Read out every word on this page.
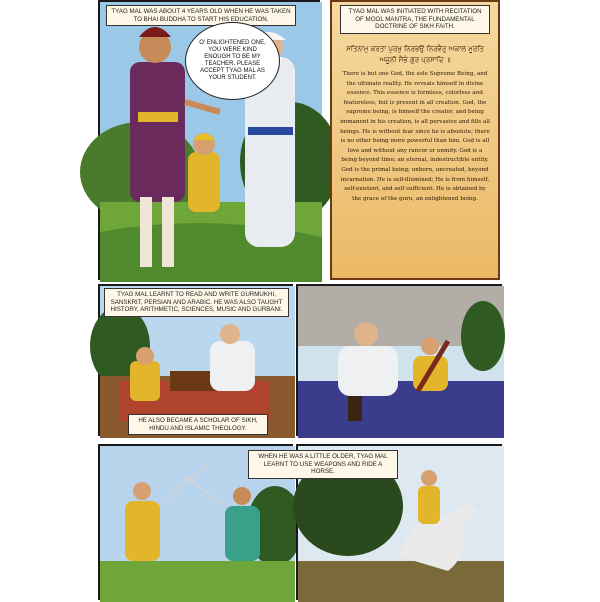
TYAG MAL WAS ABOUT 4 YEARS OLD WHEN HE WAS TAKEN TO BHAI BUDDHA TO START HIS EDUCATION.
O' ENLIGHTENED ONE, YOU WERE KIND ENOUGH TO BE MY TEACHER, PLEASE ACCEPT TYAG MAL AS YOUR STUDENT.
TYAG MAL WAS INITIATED WITH RECITATION OF MOOL MANTRA, THE FUNDAMENTAL DOCTRINE OF SIKH FAITH.
ਸਤਿਨਾਮੁ ਕਰਤਾ ਪੁਰਖੁ ਨਿਰਭਉ ਨਿਰਵੈਰੁ ਅਕਾਲ ਮੂਰਤਿ ਅਜੂਨੀ ਸੈਭੰ ਗੁਰ ਪ੍ਰਸਾਦਿ ॥
There is but one God, the sole Supreme Being, and the ultimate reality. He reveals himself in divine essence. This essence is formless, colorless and featureless, but is present in all creation. God, the supreme being, is himself the creator, and being immanent in his creation, is all pervasive and fills all beings. He is without fear since he is absolute; there is no other being more powerful than him. God is all love and without any rancor or enmity. God is a being beyond time; an eternal, indestructible entity. God is the primal being; unborn, uncreated, beyond incarnation. He is self-illumined; He is from himself, self-existent, and self sufficient. He is obtained by the grace of the guru, an enlightened being.
TYAG MAL LEARNT TO READ AND WRITE GURMUKHI, SANSKRIT, PERSIAN AND ARABIC. HE WAS ALSO TAUGHT HISTORY, ARITHMETIC, SCIENCES, MUSIC AND GURBANI.
HE ALSO BECAME A SCHOLAR OF SIKH, HINDU AND ISLAMIC THEOLOGY.
WHEN HE WAS A LITTLE OLDER, TYAG MAL LEARNT TO USE WEAPONS AND RIDE A HORSE.
